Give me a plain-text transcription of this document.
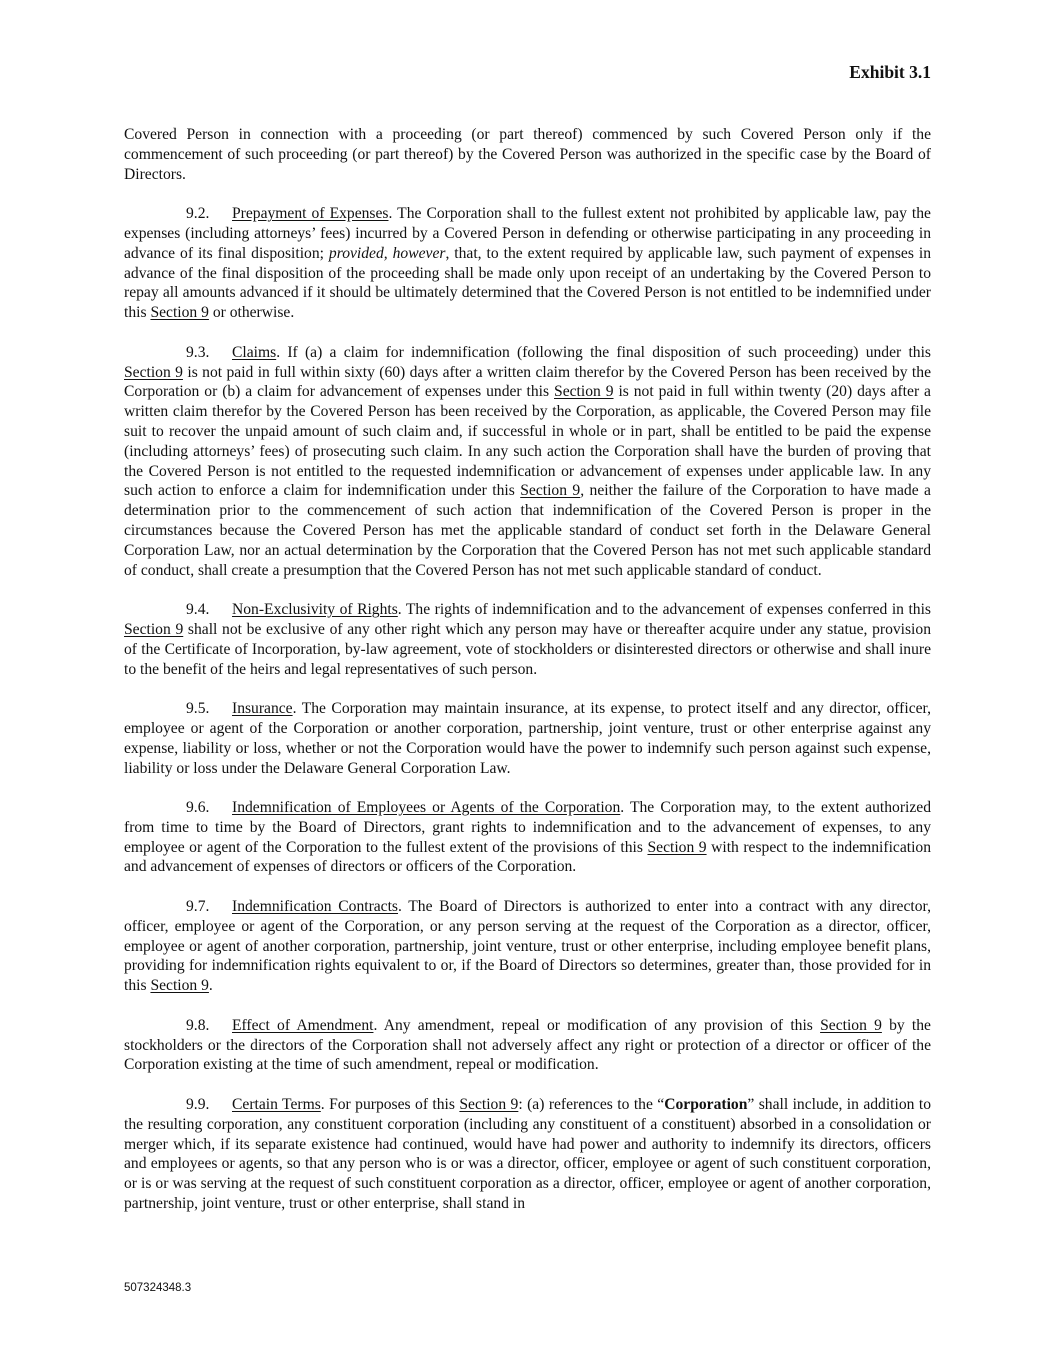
Exhibit 3.1

Covered Person in connection with a proceeding (or part thereof) commenced by such Covered Person only if the commencement of such proceeding (or part thereof) by the Covered Person was authorized in the specific case by the Board of Directors.

9.2. Prepayment of Expenses. The Corporation shall to the fullest extent not prohibited by applicable law, pay the expenses (including attorneys’ fees) incurred by a Covered Person in defending or otherwise participating in any proceeding in advance of its final disposition; provided, however, that, to the extent required by applicable law, such payment of expenses in advance of the final disposition of the proceeding shall be made only upon receipt of an undertaking by the Covered Person to repay all amounts advanced if it should be ultimately determined that the Covered Person is not entitled to be indemnified under this Section 9 or otherwise.

9.3. Claims. If (a) a claim for indemnification (following the final disposition of such proceeding) under this Section 9 is not paid in full within sixty (60) days after a written claim therefor by the Covered Person has been received by the Corporation or (b) a claim for advancement of expenses under this Section 9 is not paid in full within twenty (20) days after a written claim therefor by the Covered Person has been received by the Corporation, as applicable, the Covered Person may file suit to recover the unpaid amount of such claim and, if successful in whole or in part, shall be entitled to be paid the expense (including attorneys’ fees) of prosecuting such claim. In any such action the Corporation shall have the burden of proving that the Covered Person is not entitled to the requested indemnification or advancement of expenses under applicable law. In any such action to enforce a claim for indemnification under this Section 9, neither the failure of the Corporation to have made a determination prior to the commencement of such action that indemnification of the Covered Person is proper in the circumstances because the Covered Person has met the applicable standard of conduct set forth in the Delaware General Corporation Law, nor an actual determination by the Corporation that the Covered Person has not met such applicable standard of conduct, shall create a presumption that the Covered Person has not met such applicable standard of conduct.

9.4. Non-Exclusivity of Rights. The rights of indemnification and to the advancement of expenses conferred in this Section 9 shall not be exclusive of any other right which any person may have or thereafter acquire under any statue, provision of the Certificate of Incorporation, by-law agreement, vote of stockholders or disinterested directors or otherwise and shall inure to the benefit of the heirs and legal representatives of such person.

9.5. Insurance. The Corporation may maintain insurance, at its expense, to protect itself and any director, officer, employee or agent of the Corporation or another corporation, partnership, joint venture, trust or other enterprise against any expense, liability or loss, whether or not the Corporation would have the power to indemnify such person against such expense, liability or loss under the Delaware General Corporation Law.

9.6. Indemnification of Employees or Agents of the Corporation. The Corporation may, to the extent authorized from time to time by the Board of Directors, grant rights to indemnification and to the advancement of expenses, to any employee or agent of the Corporation to the fullest extent of the provisions of this Section 9 with respect to the indemnification and advancement of expenses of directors or officers of the Corporation.

9.7. Indemnification Contracts. The Board of Directors is authorized to enter into a contract with any director, officer, employee or agent of the Corporation, or any person serving at the request of the Corporation as a director, officer, employee or agent of another corporation, partnership, joint venture, trust or other enterprise, including employee benefit plans, providing for indemnification rights equivalent to or, if the Board of Directors so determines, greater than, those provided for in this Section 9.

9.8. Effect of Amendment. Any amendment, repeal or modification of any provision of this Section 9 by the stockholders or the directors of the Corporation shall not adversely affect any right or protection of a director or officer of the Corporation existing at the time of such amendment, repeal or modification.

9.9. Certain Terms. For purposes of this Section 9: (a) references to the “Corporation” shall include, in addition to the resulting corporation, any constituent corporation (including any constituent of a constituent) absorbed in a consolidation or merger which, if its separate existence had continued, would have had power and authority to indemnify its directors, officers and employees or agents, so that any person who is or was a director, officer, employee or agent of such constituent corporation, or is or was serving at the request of such constituent corporation as a director, officer, employee or agent of another corporation, partnership, joint venture, trust or other enterprise, shall stand in

507324348.3
